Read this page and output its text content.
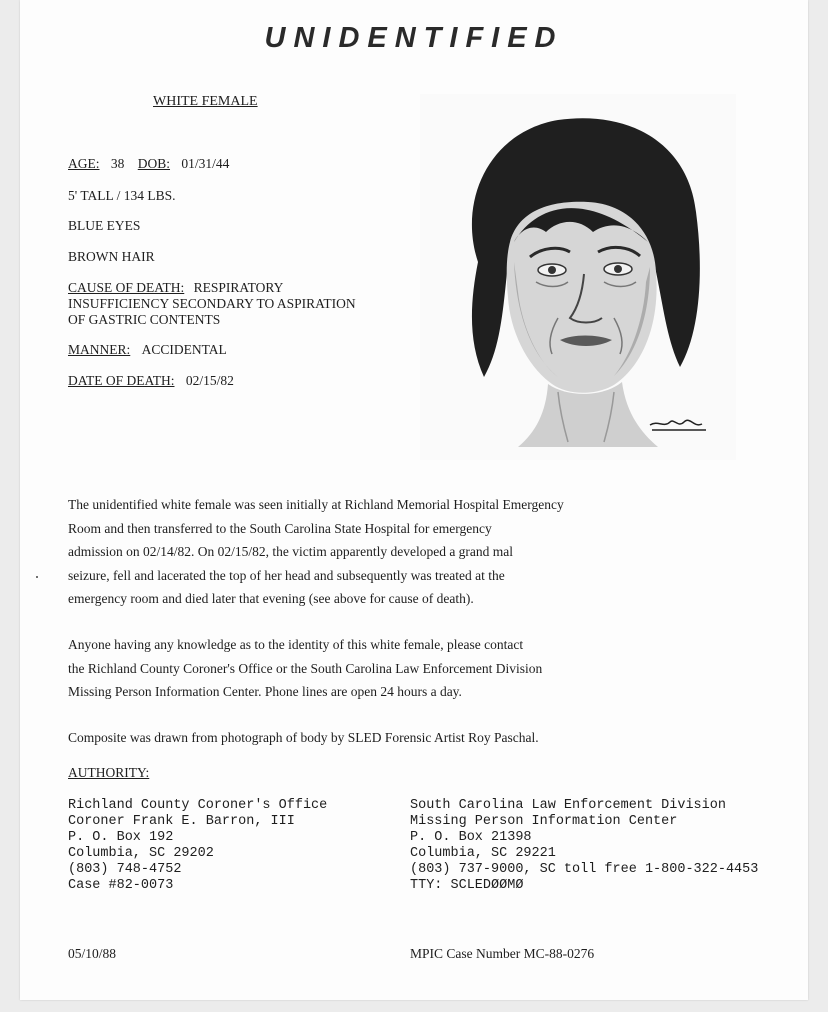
UNIDENTIFIED
WHITE FEMALE
AGE: 38 DOB: 01/31/44
5' TALL / 134 LBS.
BLUE EYES
BROWN HAIR
CAUSE OF DEATH: RESPIRATORY
INSUFFICIENCY SECONDARY TO ASPIRATION
OF GASTRIC CONTENTS
MANNER: ACCIDENTAL
DATE OF DEATH: 02/15/82
The unidentified white female was seen initially at Richland Memorial Hospital Emergency
Room and then transferred to the South Carolina State Hospital for emergency
admission on 02/14/82. On 02/15/82, the victim apparently developed a grand mal
seizure, fell and lacerated the top of her head and subsequently was treated at the
emergency room and died later that evening (see above for cause of death).
Anyone having any knowledge as to the identity of this white female, please contact
the Richland County Coroner's Office or the South Carolina Law Enforcement Division
Missing Person Information Center. Phone lines are open 24 hours a day.
Composite was drawn from photograph of body by SLED Forensic Artist Roy Paschal.
AUTHORITY:
Richland County Coroner's Office
Coroner Frank E. Barron, III
P. O. Box 192
Columbia, SC 29202
(803) 748-4752
Case #82-0073
South Carolina Law Enforcement Division
Missing Person Information Center
P. O. Box 21398
Columbia, SC 29221
(803) 737-9000, SC toll free 1-800-322-4453
TTY: SCLEDØØMØ
05/10/88	MPIC Case Number MC-88-0276
